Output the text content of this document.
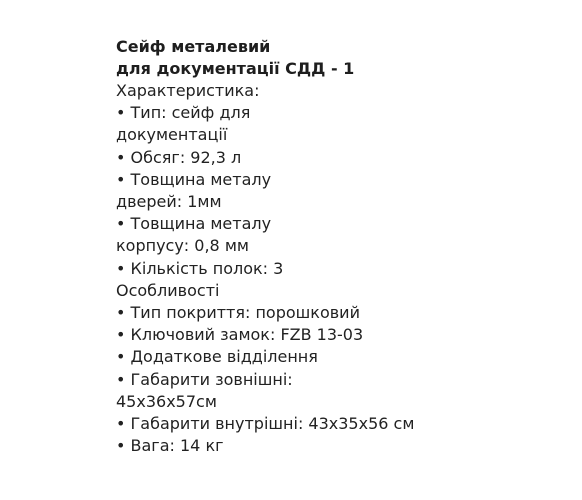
Сейф металевий
для документації СДД - 1
Характеристика:
• Тип: сейф для
документації
• Обсяг: 92,3 л
• Товщина металу
дверей: 1мм
• Товщина металу
корпусу: 0,8 мм
• Кількість полок: 3
Особливості
• Тип покриття: порошковий
• Ключовий замок: FZB 13-03
• Додаткове відділення
• Габарити зовнішні:
45x36x57см
• Габарити внутрішні: 43x35x56 см
• Вага: 14 кг
